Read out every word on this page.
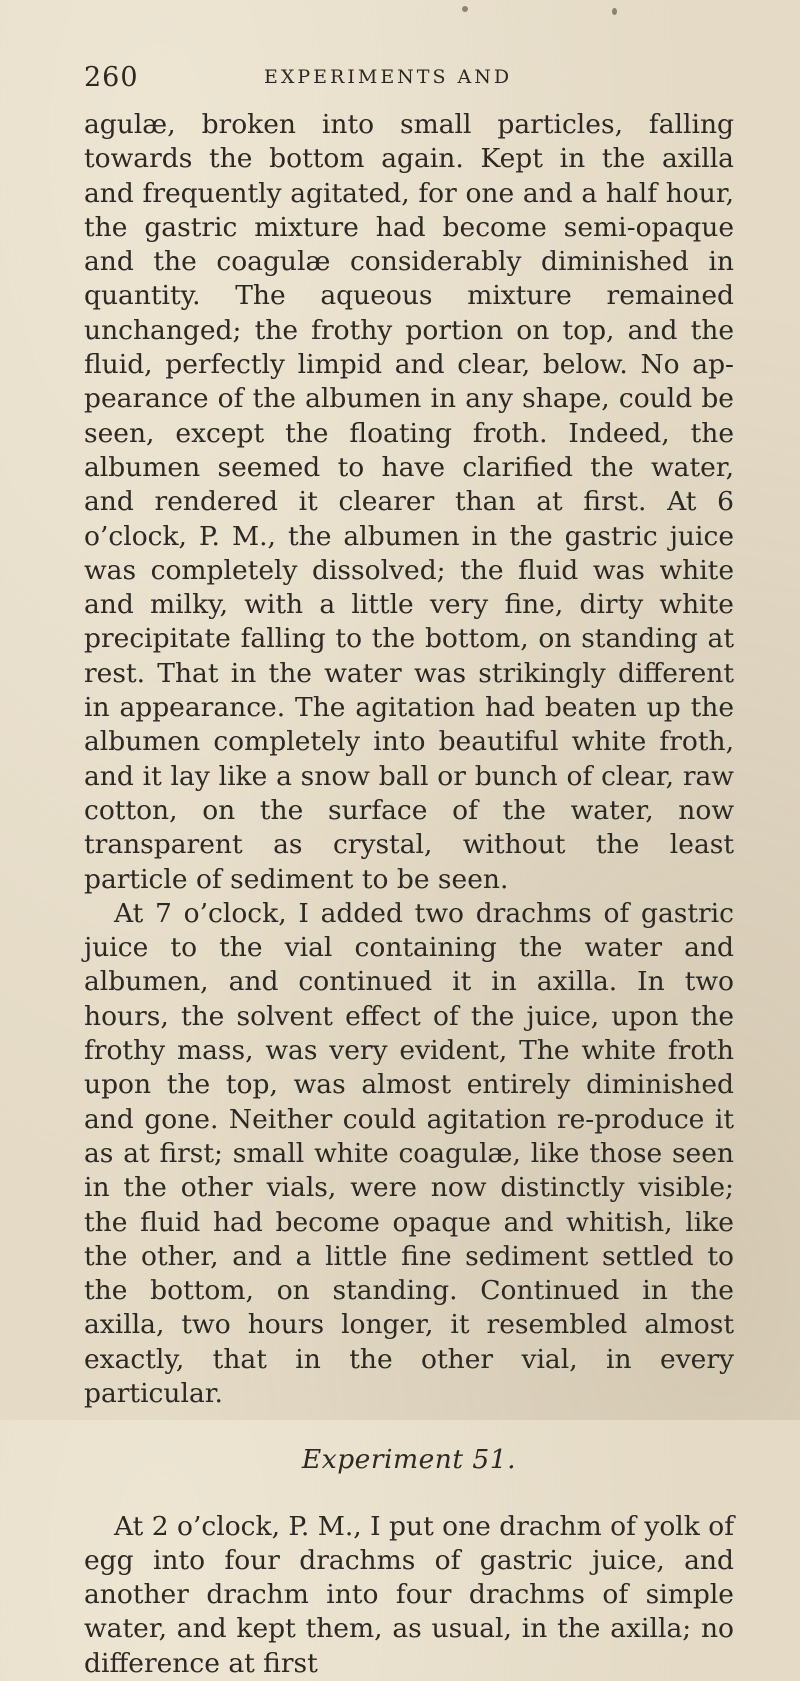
260	EXPERIMENTS AND

agulæ, broken into small particles, falling towards the bottom again. Kept in the axilla and frequently agitated, for one and a half hour, the gastric mixture had become semi-opaque and the coagulæ considerably diminished in quantity. The aqueous mixture remained unchanged; the frothy portion on top, and the fluid, perfectly limpid and clear, below. No appearance of the albumen in any shape, could be seen, except the floating froth. Indeed, the albumen seemed to have clarified the water, and rendered it clearer than at first. At 6 o’clock, P. M., the albumen in the gastric juice was completely dissolved; the fluid was white and milky, with a little very fine, dirty white precipitate falling to the bottom, on standing at rest. That in the water was strikingly different in appearance. The agitation had beaten up the albumen completely into beautiful white froth, and it lay like a snow ball or bunch of clear, raw cotton, on the surface of the water, now transparent as crystal, without the least particle of sediment to be seen.

At 7 o’clock, I added two drachms of gastric juice to the vial containing the water and albumen, and continued it in axilla. In two hours, the solvent effect of the juice, upon the frothy mass, was very evident, The white froth upon the top, was almost entirely diminished and gone. Neither could agitation re-produce it as at first; small white coagulæ, like those seen in the other vials, were now distinctly visible; the fluid had become opaque and whitish, like the other, and a little fine sediment settled to the bottom, on standing. Continued in the axilla, two hours longer, it resembled almost exactly, that in the other vial, in every particular.

Experiment 51.

At 2 o’clock, P. M., I put one drachm of yolk of egg into four drachms of gastric juice, and another drachm into four drachms of simple water, and kept them, as usual, in the axilla; no difference at first
